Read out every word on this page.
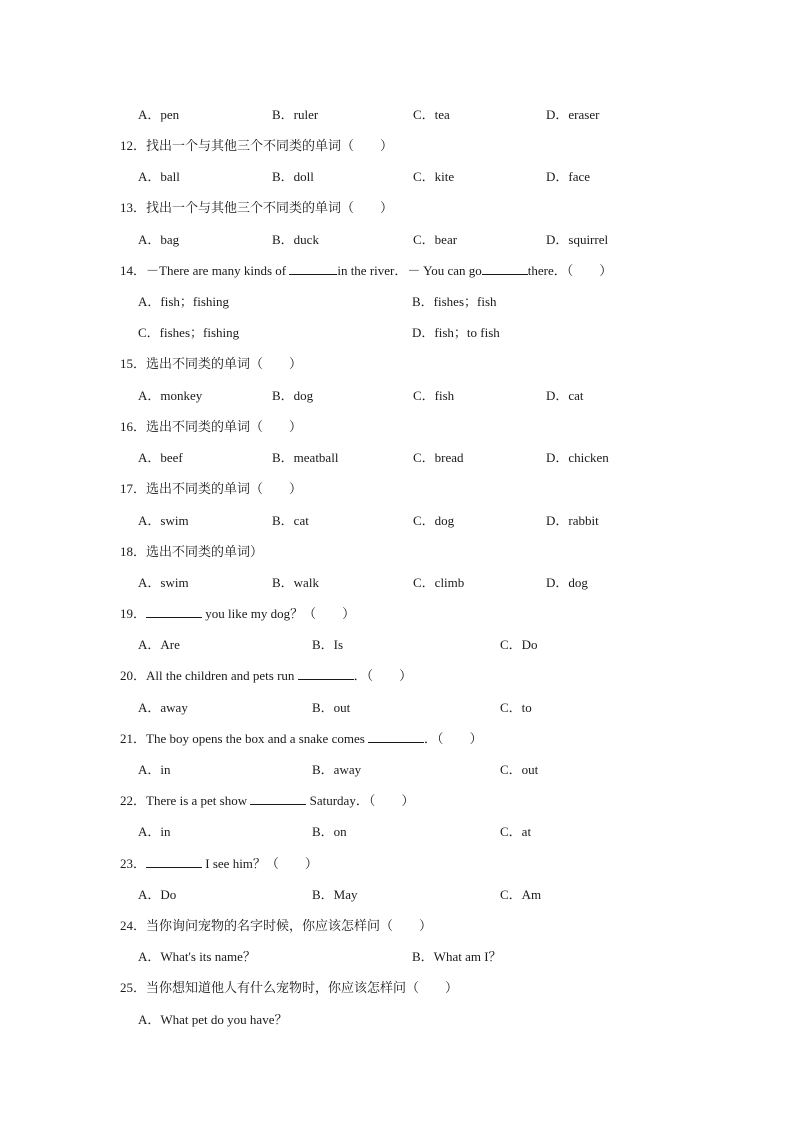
A．pen	B．ruler	C．tea	D．eraser
12．找出一个与其他三个不同类的单词（　　）
A．ball	B．doll	C．kite	D．face
13．找出一个与其他三个不同类的单词（　　）
A．bag	B．duck	C．bear	D．squirrel
14．－There are many kinds of	in the river．－ You can go	there．（　　）
A．fish；fishing	B．fishes；fish
C．fishes；fishing	D．fish；to fish
15．选出不同类的单词（　　）
A．monkey	B．dog	C．fish	D．cat
16．选出不同类的单词（　　）
A．beef	B．meatball	C．bread	D．chicken
17．选出不同类的单词（　　）
A．swim	B．cat	C．dog	D．rabbit
18．选出不同类的单词）
A．swim	B．walk	C．climb	D．dog
19．	you like my dog？（　　）
A．Are	B．Is	C．Do
20．All the children and pets run	．（　　）
A．away	B．out	C．to
21．The boy opens the box and a snake comes	．（　　）
A．in	B．away	C．out
22．There is a pet show	Saturday．（　　）
A．in	B．on	C．at
23．	I see him？（　　）
A．Do	B．May	C．Am
24．当你询问宠物的名字时候，你应该怎样问（　　）
A．What's its name？	B．What am I？
25．当你想知道他人有什么宠物时，你应该怎样问（　　）
A．What pet do you have？
